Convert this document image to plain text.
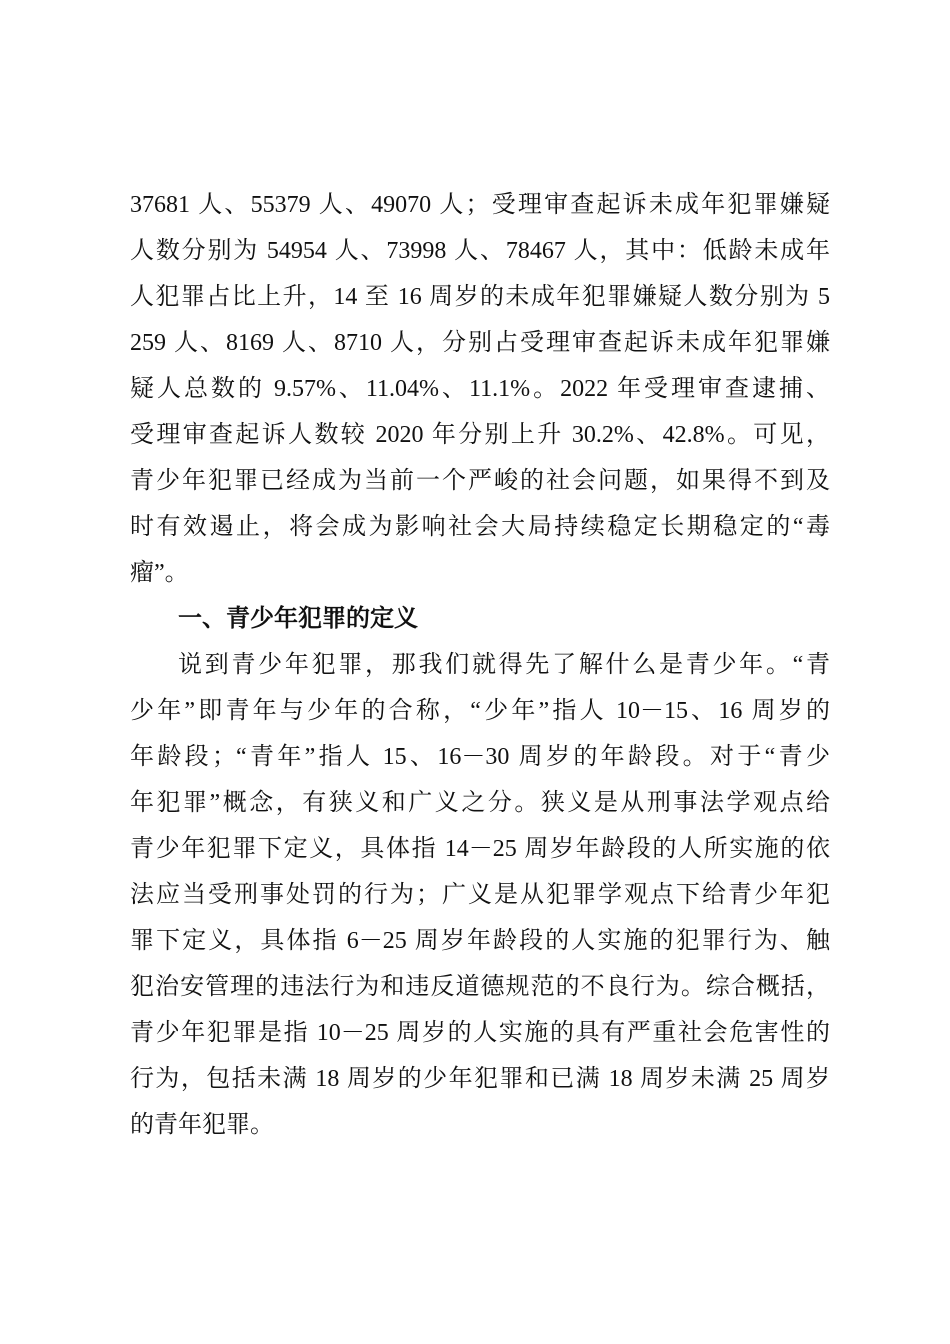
37681 人、55379 人、49070 人；受理审查起诉未成年犯罪嫌疑
人数分别为 54954 人、73998 人、78467 人，其中：低龄未成年
人犯罪占比上升，14 至 16 周岁的未成年犯罪嫌疑人数分别为 5
259 人、8169 人、8710 人，分别占受理审查起诉未成年犯罪嫌
疑人总数的 9.57%、11.04%、11.1%。2022 年受理审查逮捕、
受理审查起诉人数较 2020 年分别上升 30.2%、42.8%。可见，
青少年犯罪已经成为当前一个严峻的社会问题，如果得不到及
时有效遏止，将会成为影响社会大局持续稳定长期稳定的“毒
瘤”。
一、青少年犯罪的定义
说到青少年犯罪，那我们就得先了解什么是青少年。“青
少年”即青年与少年的合称，“少年”指人 10－15、16 周岁的
年龄段；“青年”指人 15、16－30 周岁的年龄段。对于“青少
年犯罪”概念，有狭义和广义之分。狭义是从刑事法学观点给
青少年犯罪下定义，具体指 14－25 周岁年龄段的人所实施的依
法应当受刑事处罚的行为；广义是从犯罪学观点下给青少年犯
罪下定义，具体指 6－25 周岁年龄段的人实施的犯罪行为、触
犯治安管理的违法行为和违反道德规范的不良行为。综合概括，
青少年犯罪是指 10－25 周岁的人实施的具有严重社会危害性的
行为，包括未满 18 周岁的少年犯罪和已满 18 周岁未满 25 周岁
的青年犯罪。
